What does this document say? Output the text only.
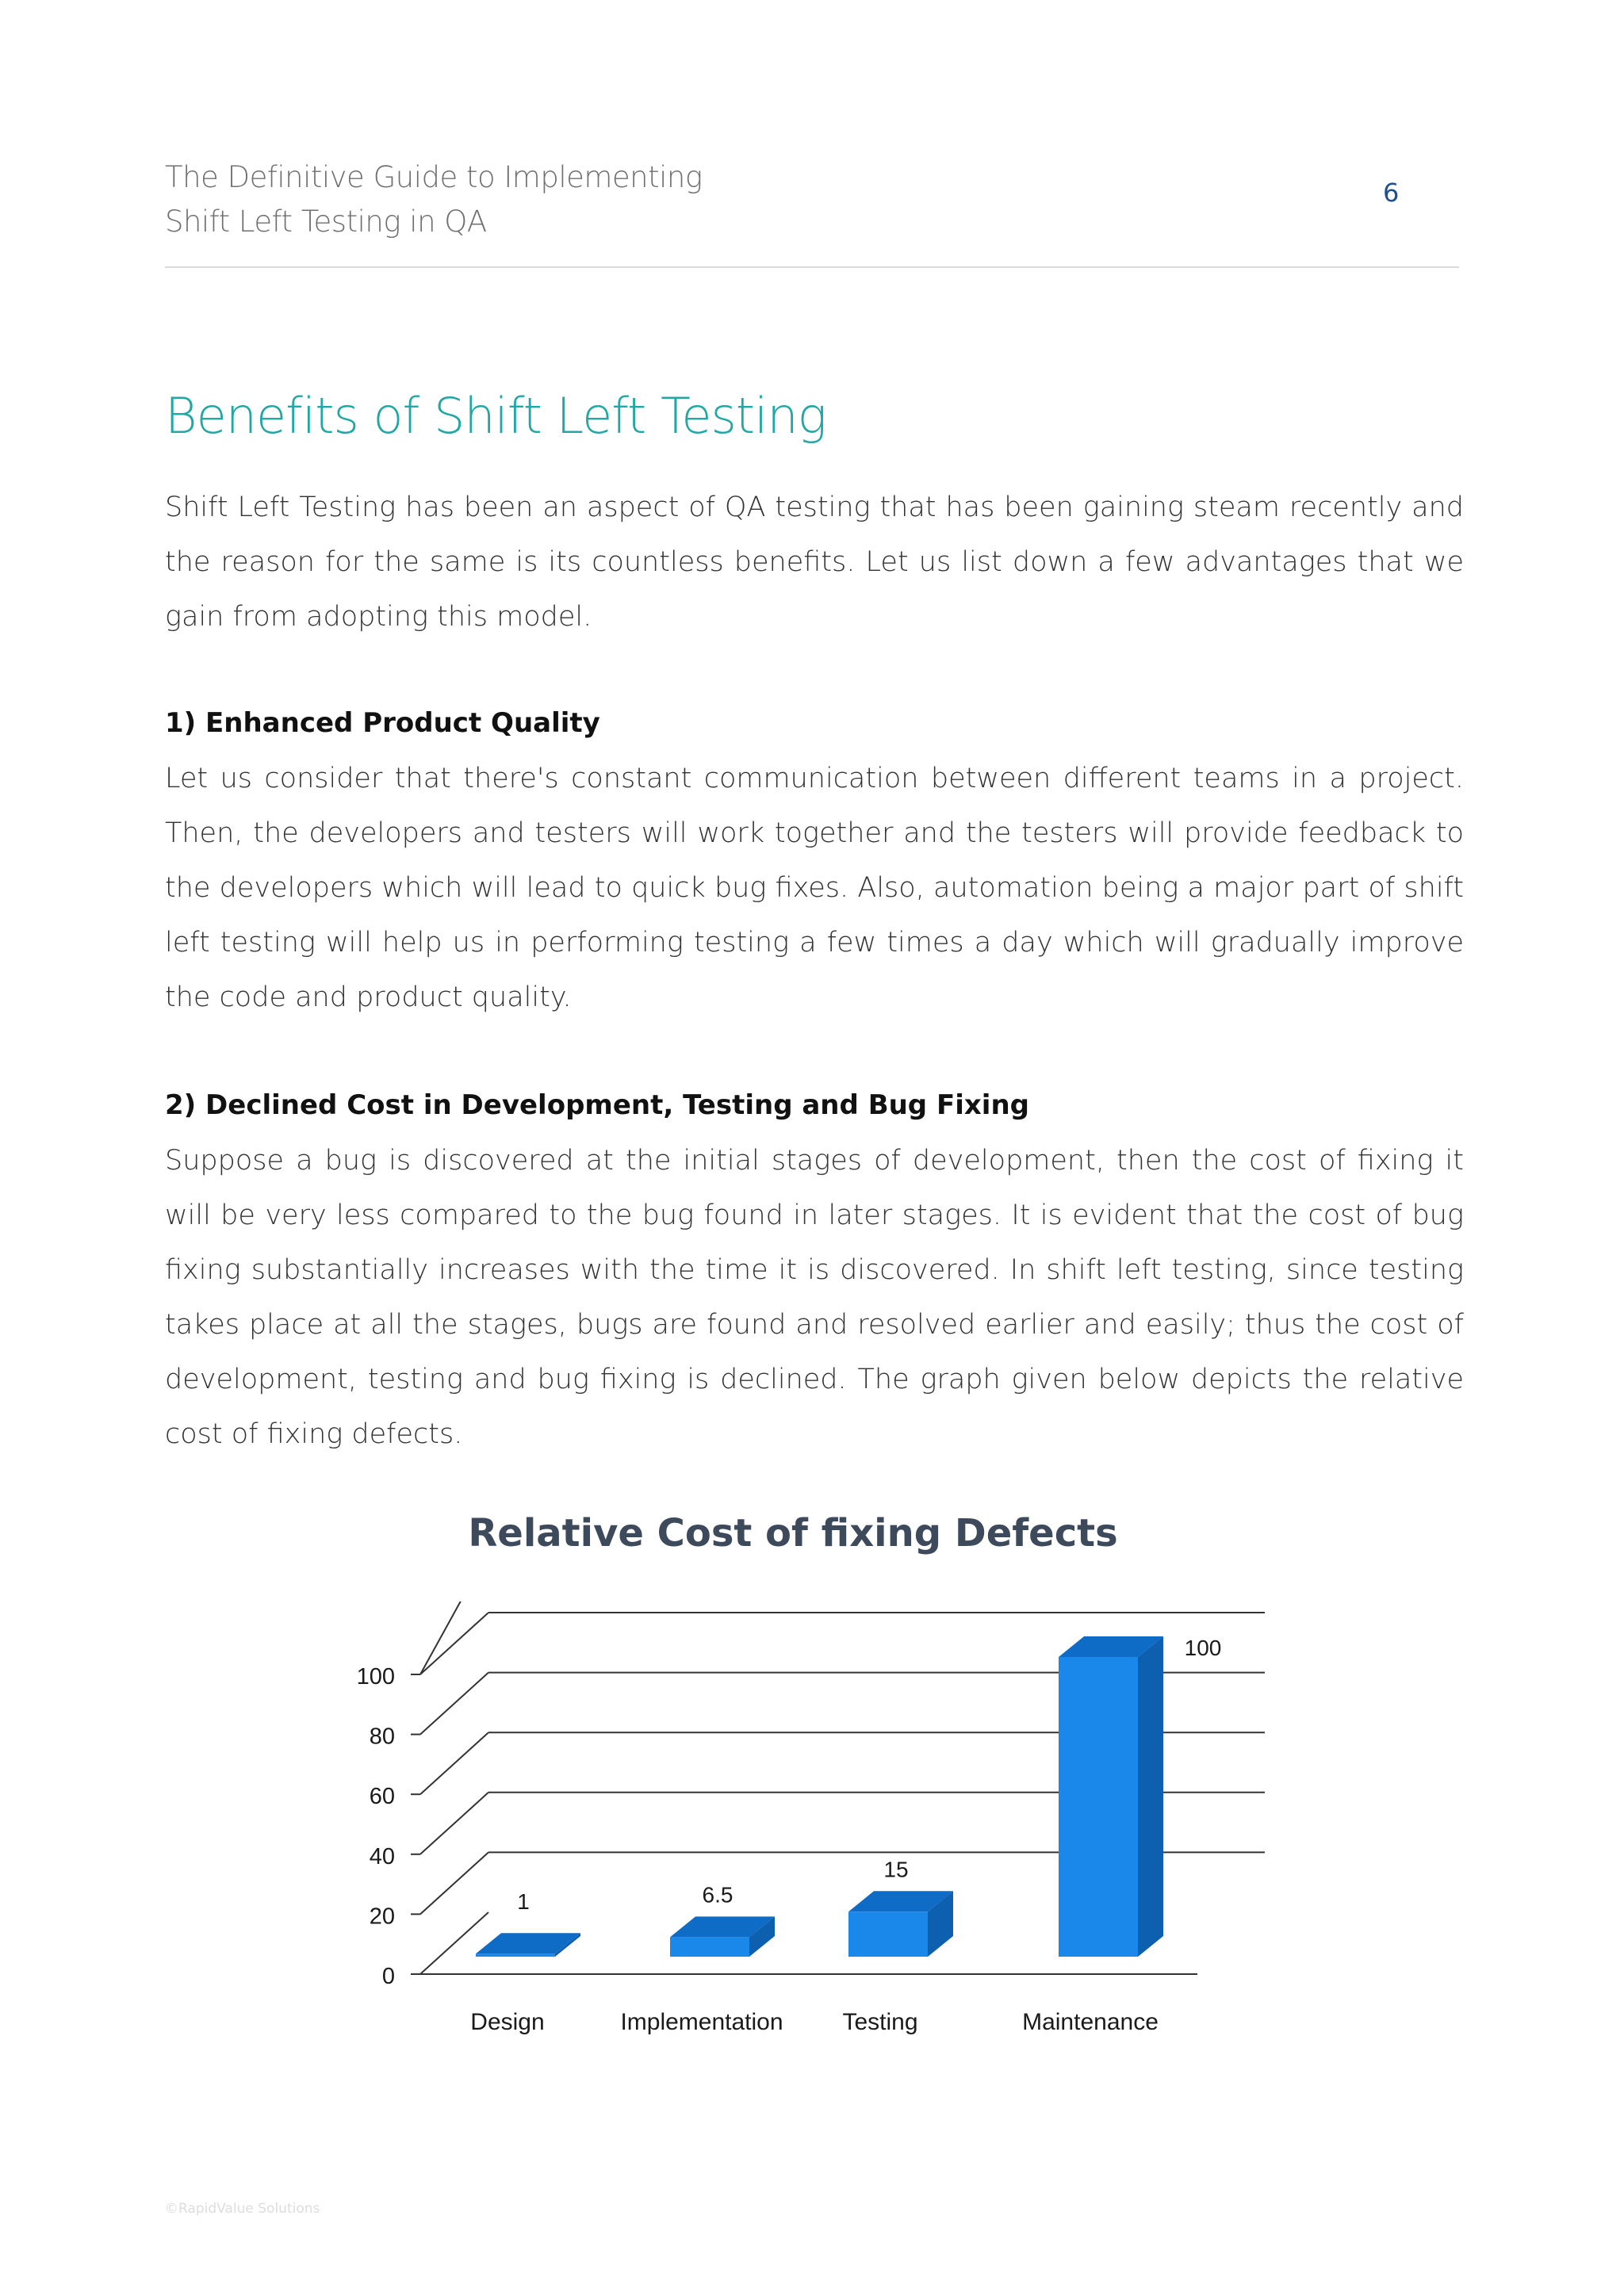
The Definitive Guide to Implementing
Shift Left Testing in QA
6
Benefits of Shift Left Testing
Shift Left Testing has been an aspect of QA testing that has been gaining steam recently and the reason for the same is its countless benefits. Let us list down a few advantages that we gain from adopting this model.
1) Enhanced Product Quality
Let us consider that there's constant communication between different teams in a project. Then, the developers and testers will work together and the testers will provide feedback to the developers which will lead to quick bug fixes. Also, automation being a major part of shift left testing will help us in performing testing a few times a day which will gradually improve the code and product quality.
2) Declined Cost in Development, Testing and Bug Fixing
Suppose a bug is discovered at the initial stages of development, then the cost of fixing it will be very less compared to the bug found in later stages. It is evident that the cost of bug fixing substantially increases with the time it is discovered. In shift left testing, since testing takes place at all the stages, bugs are found and resolved earlier and easily; thus the cost of development, testing and bug fixing is declined. The graph given below depicts the relative cost of fixing defects.
Relative Cost of fixing Defects
0
20
40
60
80
100
1
Design
6.5
Implementation
15
Testing
100
Maintenance
©RapidValue Solutions
